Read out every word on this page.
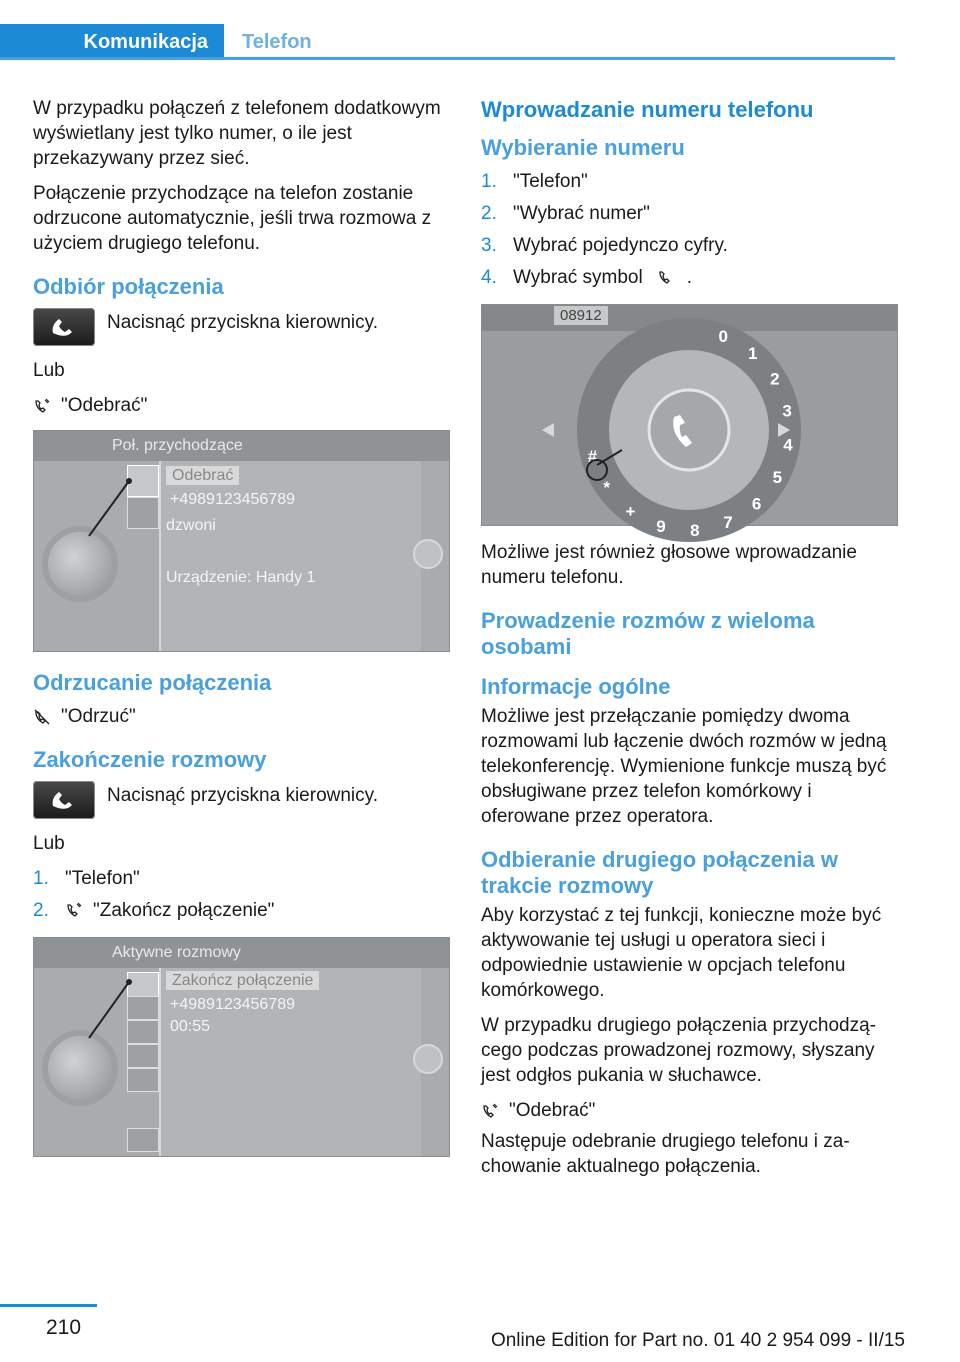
Komunikacja Telefon

W przypadku połączeń z telefonem dodatkowym wyświetlany jest tylko numer, o ile jest przekazywany przez sieć.

Połączenie przychodzące na telefon zostanie odrzucone automatycznie, jeśli trwa rozmowa z użyciem drugiego telefonu.

Odbiór połączenia

Nacisnąć przyciskna kierownicy.

Lub

"Odebrać"
Poł. przychodzące
Odebrać
+4989123456789
dzwoni
Urządzenie: Handy 1
Odrzucanie połączenia
"Odrzuć"
Zakończenie rozmowy

Nacisnąć przyciskna kierownicy.

Lub

1. "Telefon"
2.	"Zakończ połączenie"
Aktywne rozmowy
Zakończ połączenie
+4989123456789
00:55
Wprowadzanie numeru telefonu
Wybieranie numeru
1. "Telefon"
2. "Wybrać numer"
3. Wybrać pojedynczo cyfry.
4. Wybrać symbol .
08912
0
1
2
3
4
5
6
7
8
9
+
*
#

Możliwe jest również głosowe wprowadzanie numeru telefonu.

Prowadzenie rozmów z wieloma osobami
Informacje ogólne

Możliwe jest przełączanie pomiędzy dwoma rozmowami lub łączenie dwóch rozmów w jedną telekonferencję. Wymienione funkcje muszą być obsługiwane przez telefon komórkowy i oferowane przez operatora.

Odbieranie drugiego połączenia w trakcie rozmowy

Aby korzystać z tej funkcji, konieczne może być aktywowanie tej usługi u operatora sieci i odpowiednie ustawienie w opcjach telefonu komórkowego.

W przypadku drugiego połączenia przychodzącego podczas prowadzonej rozmowy, słyszany jest odgłos pukania w słuchawce.

"Odebrać"

Następuje odebranie drugiego telefonu i zachowanie aktualnego połączenia.

210
Online Edition for Part no. 01 40 2 954 099 - II/15
